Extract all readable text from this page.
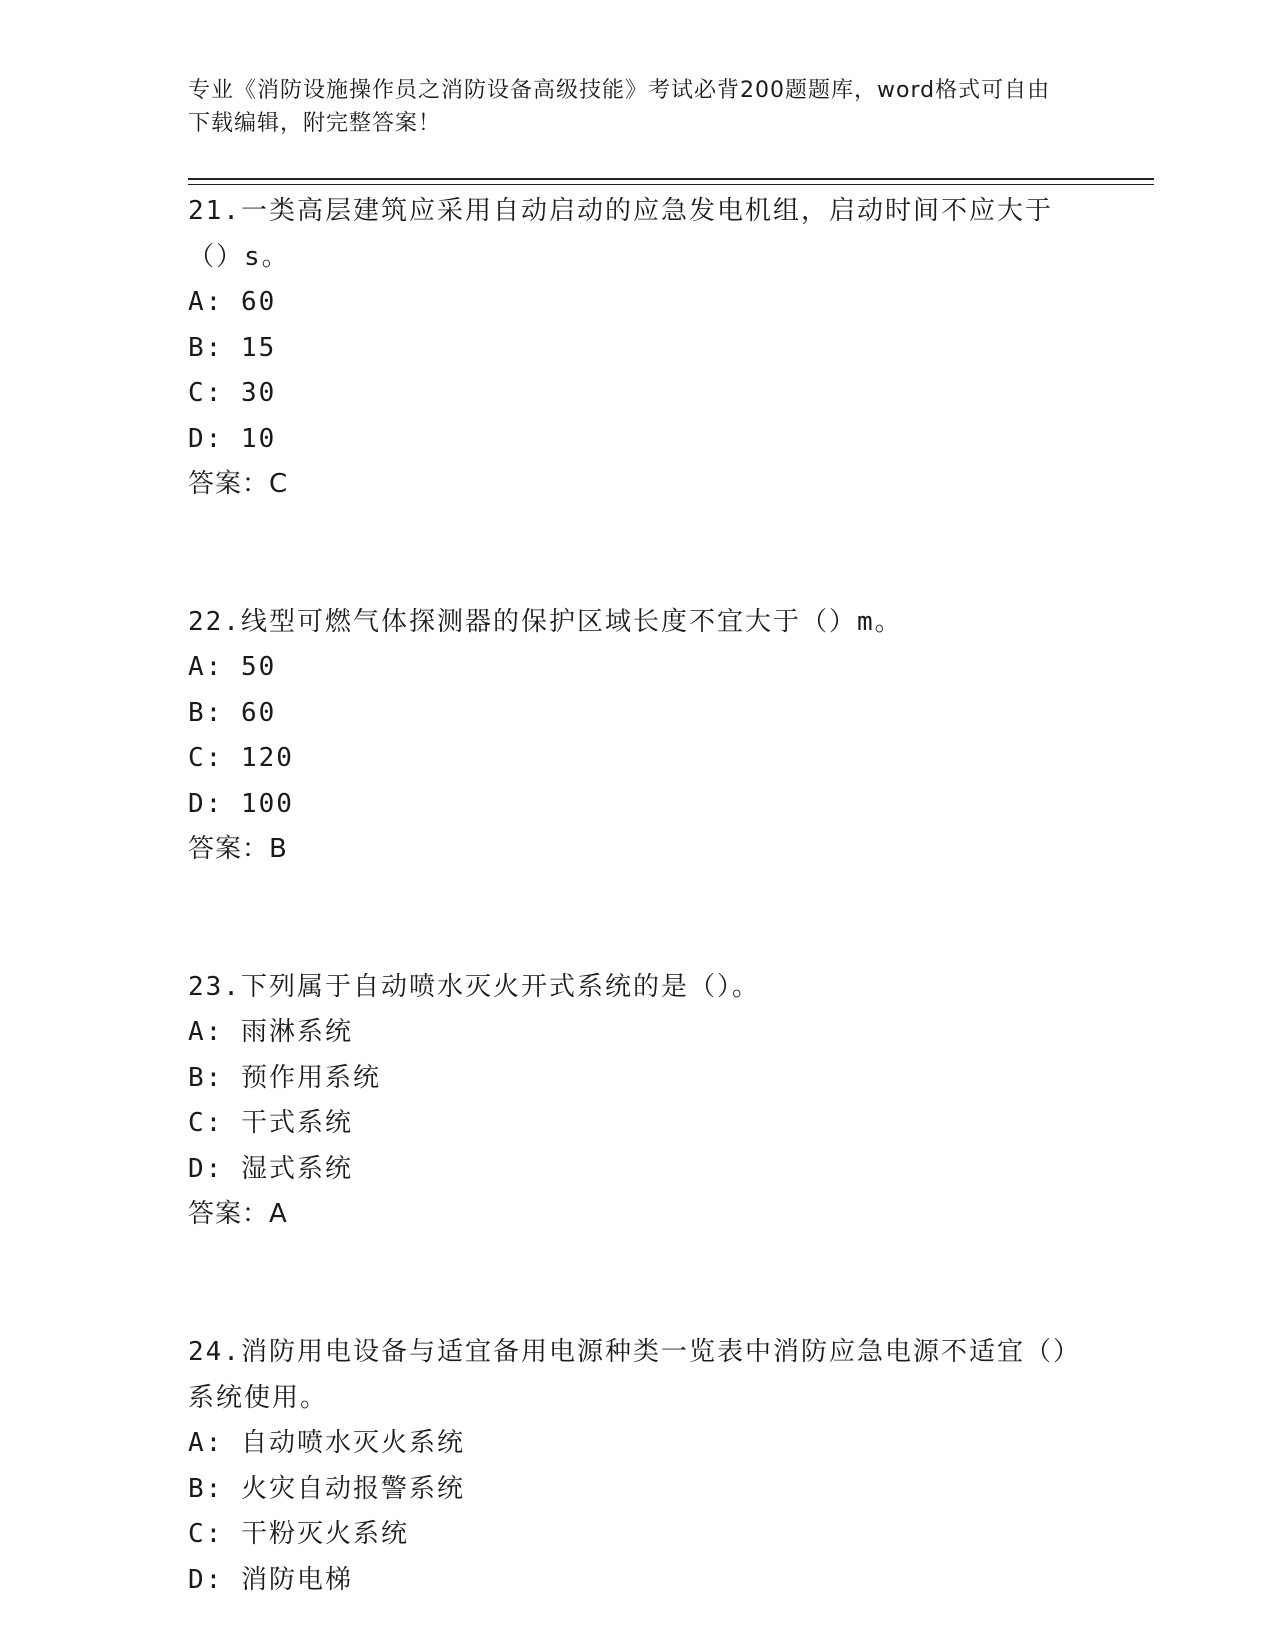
专业《消防设施操作员之消防设备高级技能》考试必背200题题库，word格式可自由下载编辑，附完整答案！
21.一类高层建筑应采用自动启动的应急发电机组，启动时间不应大于（）s。
A: 60
B: 15
C: 30
D: 10
答案：C
22.线型可燃气体探测器的保护区域长度不宜大于（）m。
A: 50
B: 60
C: 120
D: 100
答案：B
23.下列属于自动喷水灭火开式系统的是（）。
A: 雨淋系统
B: 预作用系统
C: 干式系统
D: 湿式系统
答案：A
24.消防用电设备与适宜备用电源种类一览表中消防应急电源不适宜（）系统使用。
A: 自动喷水灭火系统
B: 火灾自动报警系统
C: 干粉灭火系统
D: 消防电梯
